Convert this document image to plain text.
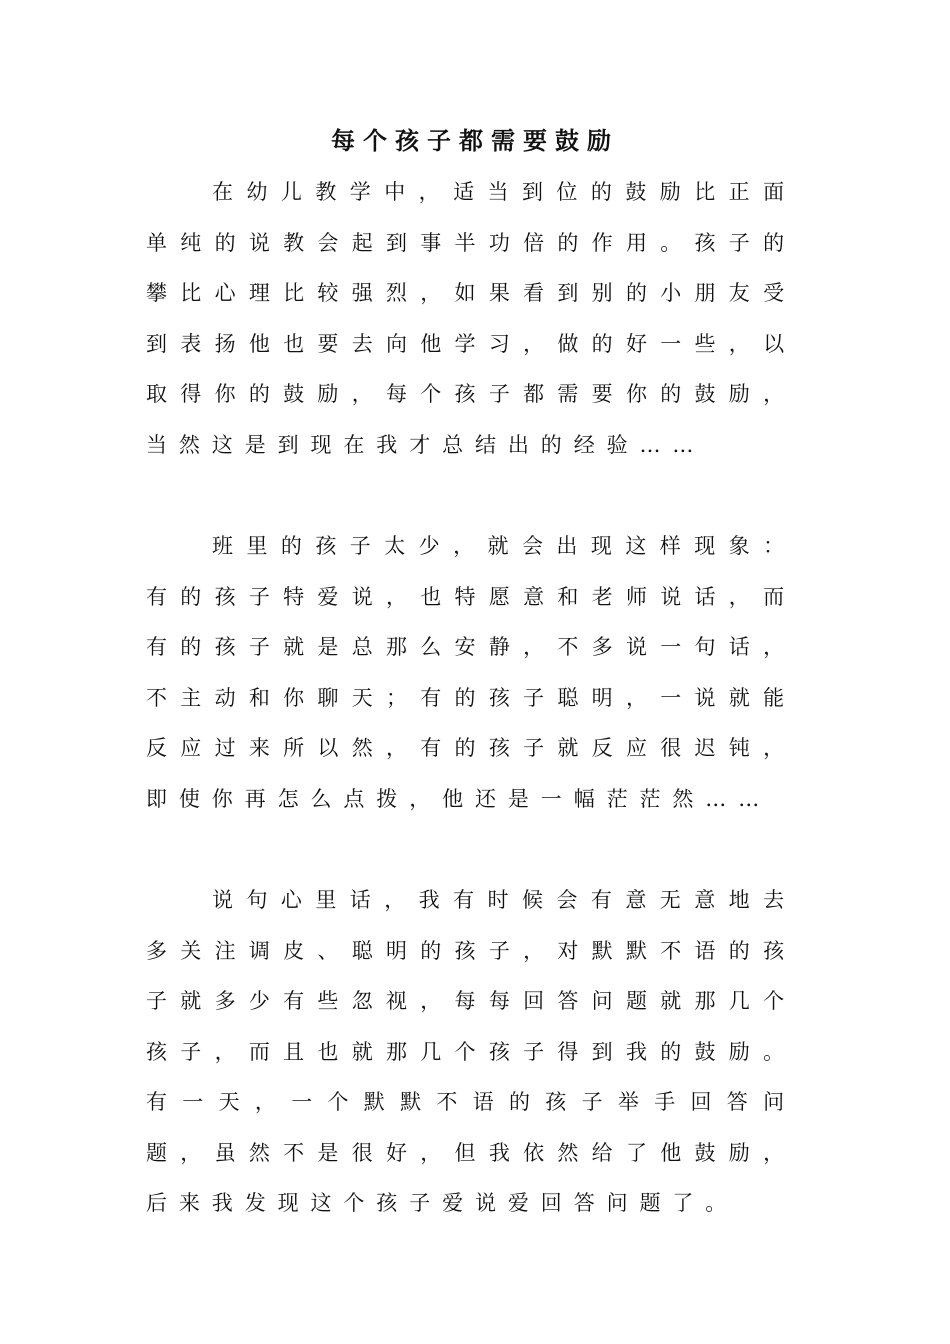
每个孩子都需要鼓励

在幼儿教学中，适当到位的鼓励比正面单纯的说教会起到事半功倍的作用。孩子的攀比心理比较强烈，如果看到别的小朋友受到表扬他也要去向他学习，做的好一些，以取得你的鼓励，每个孩子都需要你的鼓励，当然这是到现在我才总结出的经验……

班里的孩子太少，就会出现这样现象：有的孩子特爱说，也特愿意和老师说话，而有的孩子就是总那么安静，不多说一句话，不主动和你聊天；有的孩子聪明，一说就能反应过来所以然，有的孩子就反应很迟钝，即使你再怎么点拨，他还是一幅茫茫然……

说句心里话，我有时候会有意无意地去多关注调皮、聪明的孩子，对默默不语的孩子就多少有些忽视，每每回答问题就那几个孩子，而且也就那几个孩子得到我的鼓励。有一天，一个默默不语的孩子举手回答问题，虽然不是很好，但我依然给了他鼓励，后来我发现这个孩子爱说爱回答问题了。
